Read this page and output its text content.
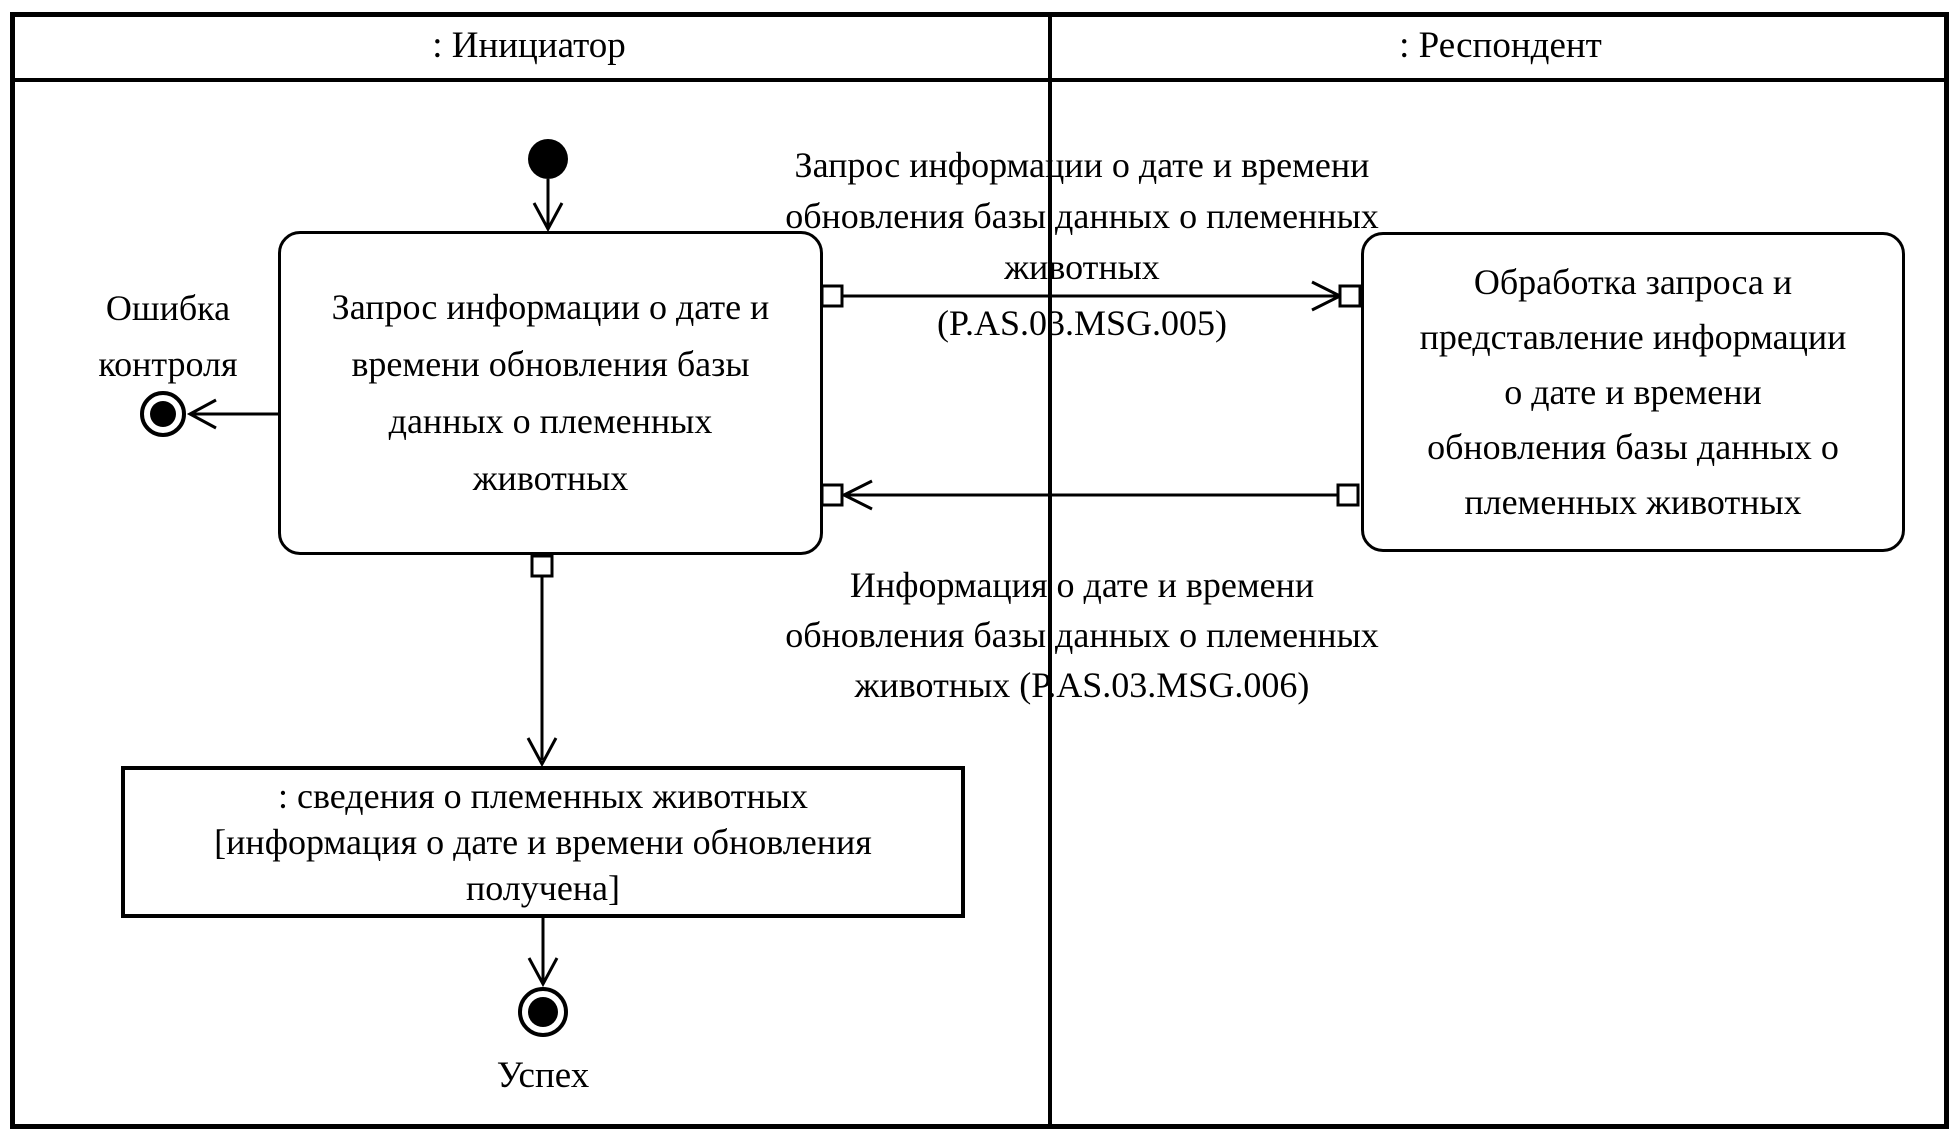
: Инициатор	: Респондент
Запрос информации о дате и
времени обновления базы
данных о племенных
животных
Обработка запроса и
представление информации
о дате и времени
обновления базы данных о
племенных животных
: сведения о племенных животных
[информация о дате и времени обновления
получена]
Запрос информации о дате и времени
обновления базы данных о племенных
животных
(P.AS.03.MSG.005)
Информация о дате и времени
обновления базы данных о племенных
животных (P.AS.03.MSG.006)
Ошибка
контроля
Успех
